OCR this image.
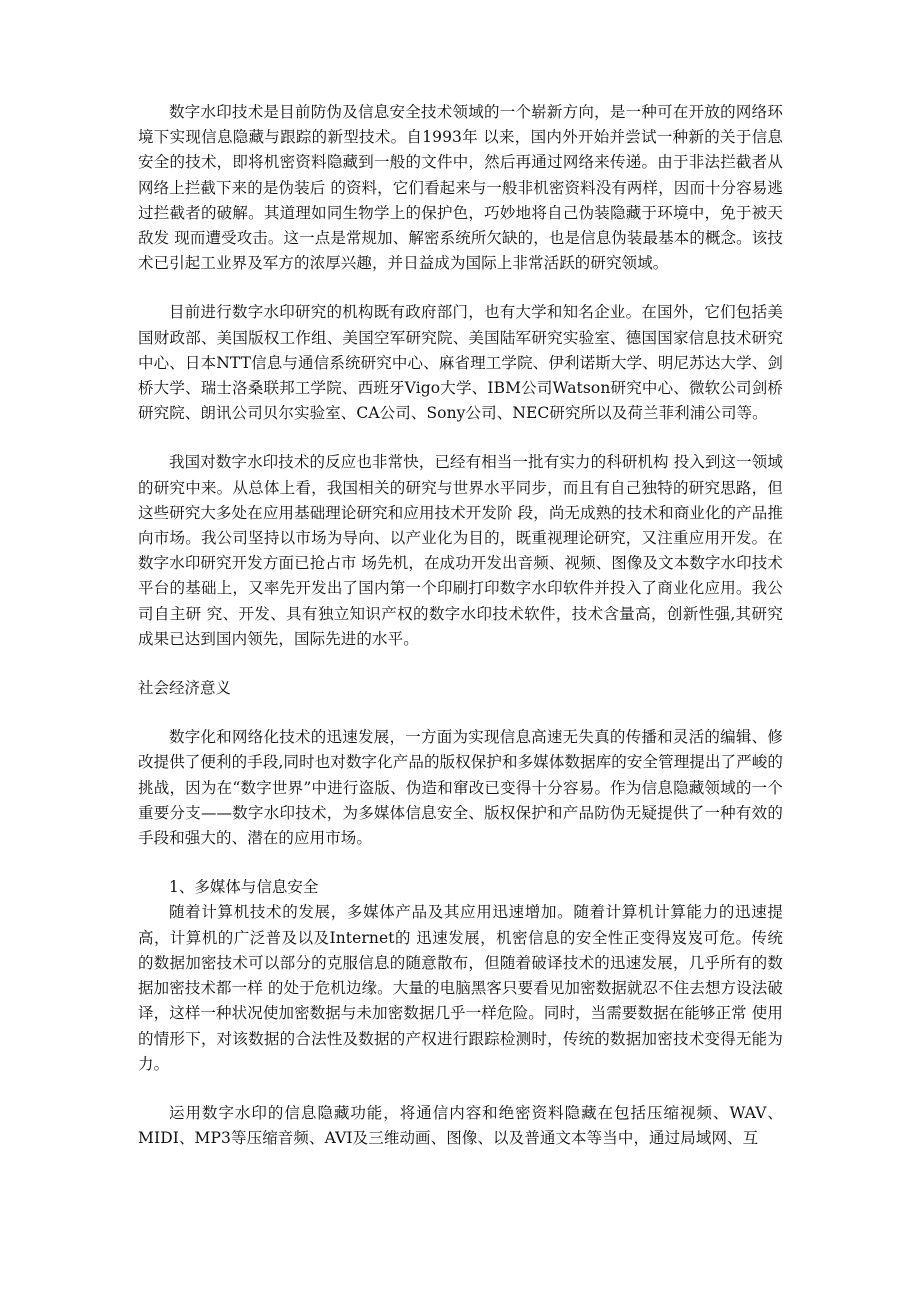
数字水印技术是目前防伪及信息安全技术领域的一个崭新方向，是一种可在开放的网络环境下实现信息隐藏与跟踪的新型技术。自1993年 以来，国内外开始并尝试一种新的关于信息安全的技术，即将机密资料隐藏到一般的文件中，然后再通过网络来传递。由于非法拦截者从网络上拦截下来的是伪装后 的资料，它们看起来与一般非机密资料没有两样，因而十分容易逃过拦截者的破解。其道理如同生物学上的保护色，巧妙地将自己伪装隐藏于环境中，免于被天敌发 现而遭受攻击。这一点是常规加、解密系统所欠缺的，也是信息伪装最基本的概念。该技术已引起工业界及军方的浓厚兴趣，并日益成为国际上非常活跃的研究领域。

目前进行数字水印研究的机构既有政府部门，也有大学和知名企业。在国外，它们包括美国财政部、美国版权工作组、美国空军研究院、美国陆军研究实验室、德国国家信息技术研究中心、日本NTT信息与通信系统研究中心、麻省理工学院、伊利诺斯大学、明尼苏达大学、剑桥大学、瑞士洛桑联邦工学院、西班牙Vigo大学、IBM公司Watson研究中心、微软公司剑桥研究院、朗讯公司贝尔实验室、CA公司、Sony公司、NEC研究所以及荷兰菲利浦公司等。

我国对数字水印技术的反应也非常快，已经有相当一批有实力的科研机构 投入到这一领域的研究中来。从总体上看，我国相关的研究与世界水平同步，而且有自己独特的研究思路，但这些研究大多处在应用基础理论研究和应用技术开发阶 段，尚无成熟的技术和商业化的产品推向市场。我公司坚持以市场为导向、以产业化为目的，既重视理论研究，又注重应用开发。在数字水印研究开发方面已抢占市 场先机，在成功开发出音频、视频、图像及文本数字水印技术平台的基础上，又率先开发出了国内第一个印刷打印数字水印软件并投入了商业化应用。我公司自主研 究、开发、具有独立知识产权的数字水印技术软件，技术含量高，创新性强,其研究成果已达到国内领先，国际先进的水平。

社会经济意义

数字化和网络化技术的迅速发展，一方面为实现信息高速无失真的传播和灵活的编辑、修改提供了便利的手段,同时也对数字化产品的版权保护和多媒体数据库的安全管理提出了严峻的挑战，因为在“数字世界”中进行盗版、伪造和窜改已变得十分容易。作为信息隐藏领域的一个重要分支——数字水印技术，为多媒体信息安全、版权保护和产品防伪无疑提供了一种有效的手段和强大的、潜在的应用市场。

1、多媒体与信息安全

随着计算机技术的发展，多媒体产品及其应用迅速增加。随着计算机计算能力的迅速提高，计算机的广泛普及以及Internet的 迅速发展，机密信息的安全性正变得岌岌可危。传统的数据加密技术可以部分的克服信息的随意散布，但随着破译技术的迅速发展，几乎所有的数据加密技术都一样 的处于危机边缘。大量的电脑黑客只要看见加密数据就忍不住去想方设法破译，这样一种状况使加密数据与未加密数据几乎一样危险。同时，当需要数据在能够正常 使用的情形下，对该数据的合法性及数据的产权进行跟踪检测时，传统的数据加密技术变得无能为力。

运用数字水印的信息隐藏功能，将通信内容和绝密资料隐藏在包括压缩视频、WAV、MIDI、MP3等压缩音频、AVI及三维动画、图像、以及普通文本等当中，通过局域网、互
